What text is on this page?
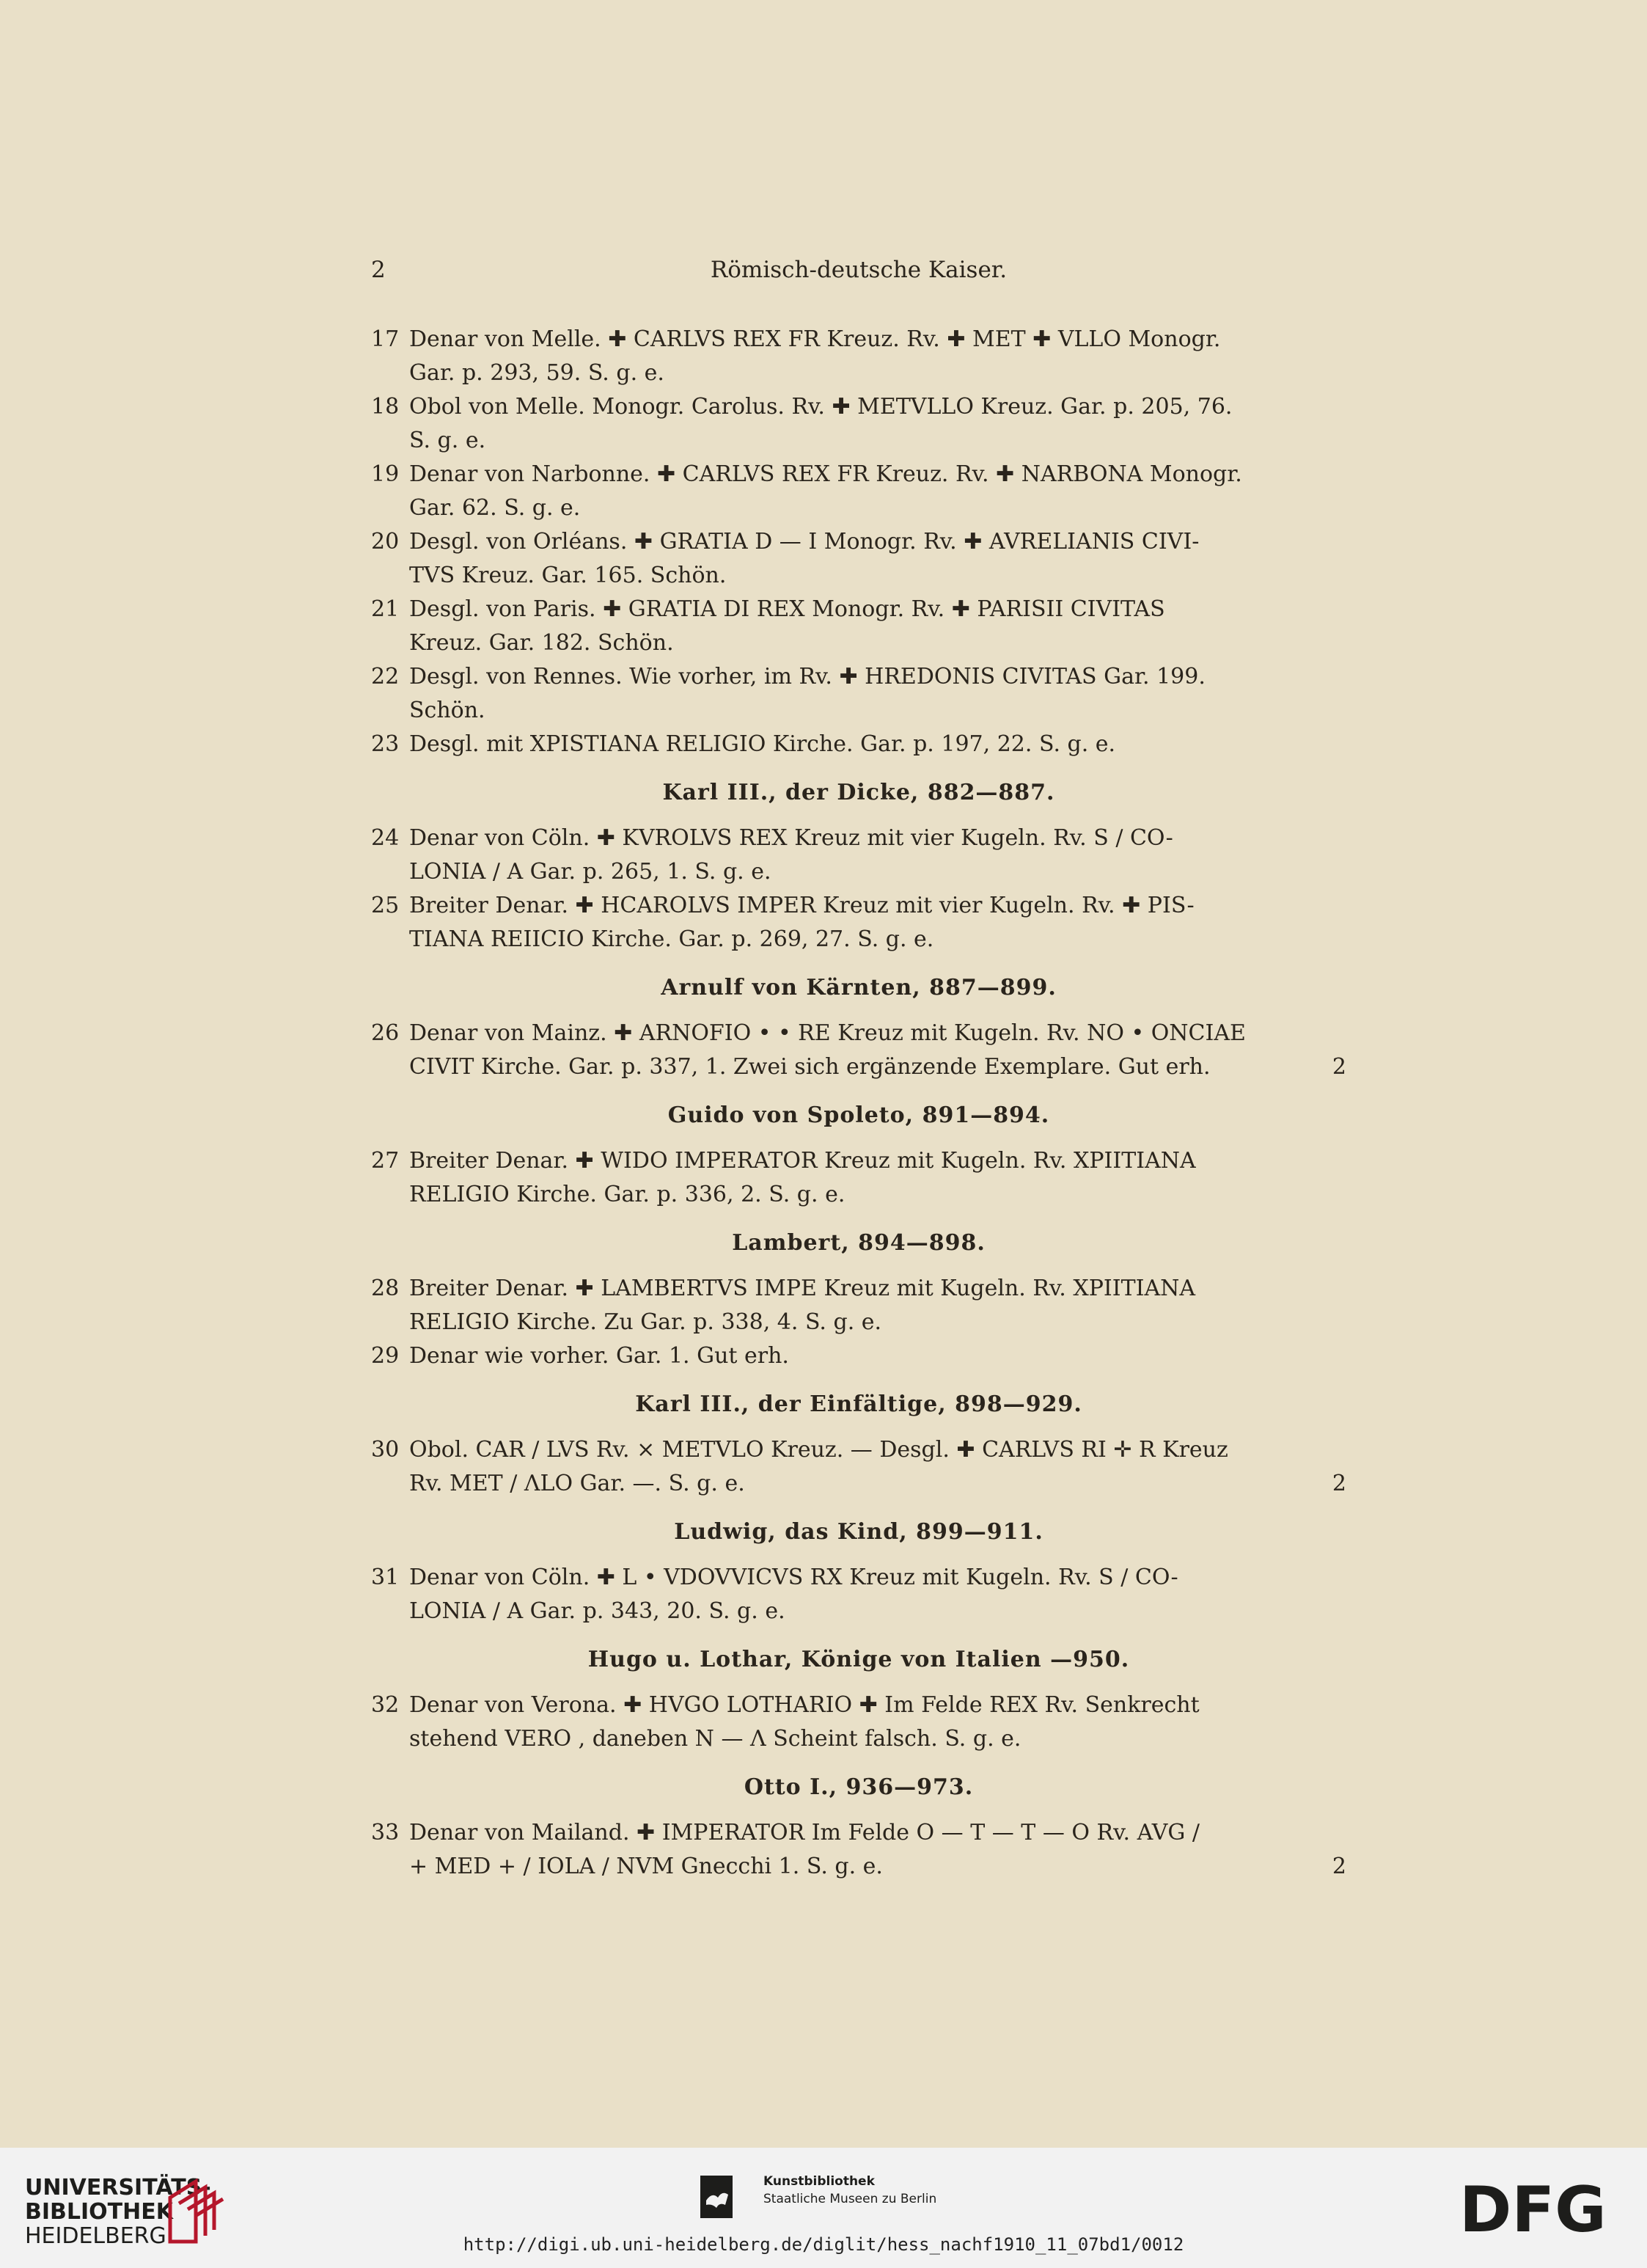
2	Römisch-deutsche Kaiser.
17 Denar von Melle. ✚ CARLVS REX FR Kreuz. Rv. ✚ MET ✚ VLLO Monogr.
Gar. p. 293, 59. S. g. e.
18 Obol von Melle. Monogr. Carolus. Rv. ✚ METVLLO Kreuz. Gar. p. 205, 76.
S. g. e.
19 Denar von Narbonne. ✚ CARLVS REX FR Kreuz. Rv. ✚ NARBONA Monogr.
Gar. 62. S. g. e.
20 Desgl. von Orléans. ✚ GRATIA D — I Monogr. Rv. ✚ AVRELIANIS CIVI-
TVS Kreuz. Gar. 165. Schön.
21 Desgl. von Paris. ✚ GRATIA DI REX Monogr. Rv. ✚ PARISII CIVITAS
Kreuz. Gar. 182. Schön.
22 Desgl. von Rennes. Wie vorher, im Rv. ✚ HREDONIS CIVITAS Gar. 199.
Schön.
23 Desgl. mit XPISTIANA RELIGIO Kirche. Gar. p. 197, 22. S. g. e.
Karl III., der Dicke, 882—887.
24 Denar von Cöln. ✚ KVROLVS REX Kreuz mit vier Kugeln. Rv. S / CO-
LONIA / A Gar. p. 265, 1. S. g. e.
25 Breiter Denar. ✚ HCAROLVS IMPER Kreuz mit vier Kugeln. Rv. ✚ PIS-
TIANA RЕIICIO Kirche. Gar. p. 269, 27. S. g. e.
Arnulf von Kärnten, 887—899.
26 Denar von Mainz. ✚ ARNOFIO • • RE Kreuz mit Kugeln. Rv. NO • ONCIAE
CIVIT Kirche. Gar. p. 337, 1. Zwei sich ergänzende Exemplare. Gut erh.	2
Guido von Spoleto, 891—894.
27 Breiter Denar. ✚ WIDO IMPERATOR Kreuz mit Kugeln. Rv. XPIITIANA
RELIGIO Kirche. Gar. p. 336, 2. S. g. e.
Lambert, 894—898.
28 Breiter Denar. ✚ LAMBERTVS IMPE Kreuz mit Kugeln. Rv. XPIITIANA
RELIGIO Kirche. Zu Gar. p. 338, 4. S. g. e.
29 Denar wie vorher. Gar. 1. Gut erh.
Karl III., der Einfältige, 898—929.
30 Obol. CAR / LVS Rv. × METVLO Kreuz. — Desgl. ✚ CARLVS RI ✛ R Kreuz
Rv. MET / ΛLO Gar. —. S. g. e.	2
Ludwig, das Kind, 899—911.
31 Denar von Cöln. ✚ L • VDOVVICVS RX Kreuz mit Kugeln. Rv. S / CO-
LONIA / A Gar. p. 343, 20. S. g. e.
Hugo u. Lothar, Könige von Italien —950.
32 Denar von Verona. ✚ HVGO LOTHARIO ✚ Im Felde REX Rv. Senkrecht
stehend VERO , daneben N — Λ Scheint falsch. S. g. e.
Otto I., 936—973.
33 Denar von Mailand. ✚ IMPERATOR Im Felde O — T — T — O Rv. AVG /
+ MED + / IOLA / NVM Gnecchi 1. S. g. e.	2
UNIVERSITÄTS-
BIBLIOTHEK
HEIDELBERG
Kunstbibliothek
Staatliche Museen zu Berlin	DFG
http://digi.ub.uni-heidelberg.de/diglit/hess_nachf1910_11_07bd1/0012
